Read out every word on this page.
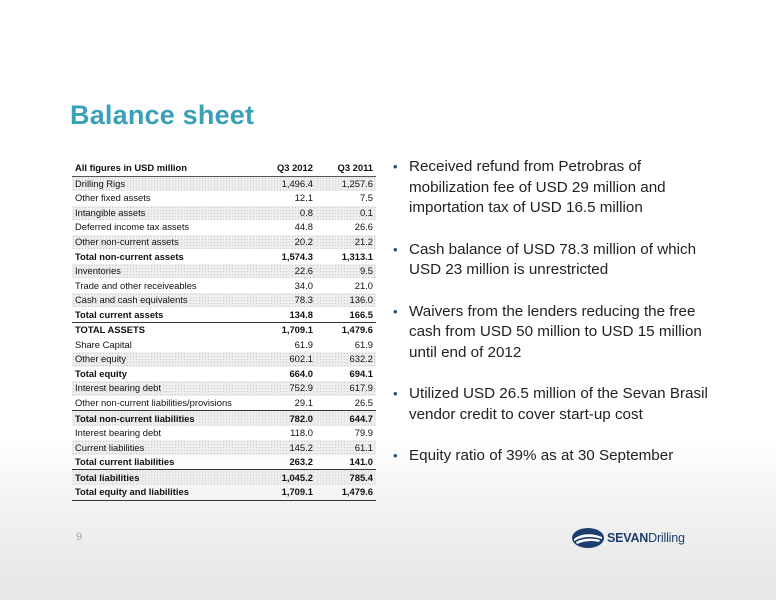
Balance sheet
All figures in USD million	Q3 2012	Q3 2011
Drilling Rigs	1,496.4	1,257.6
Other fixed assets	12.1	7.5
Intangible assets	0.8	0.1
Deferred income tax assets	44.8	26.6
Other non-current assets	20.2	21.2
Total non-current assets	1,574.3	1,313.1
Inventories	22.6	9.5
Trade and other receiveables	34.0	21.0
Cash and cash equivalents	78.3	136.0
Total current assets	134.8	166.5
TOTAL ASSETS	1,709.1	1,479.6
Share Capital	61.9	61.9
Other equity	602.1	632.2
Total equity	664.0	694.1
Interest bearing debt	752.9	617.9
Other non-current liabilities/provisions	29.1	26.5
Total non-current liabilities	782.0	644.7
Interest bearing debt	118.0	79.9
Current liabilities	145.2	61.1
Total current liabilities	263.2	141.0
Total liabilities	1,045.2	785.4
Total equity and liabilities	1,709.1	1,479.6
• Received refund from Petrobras of mobilization fee of USD 29 million and importation tax of USD 16.5 million
• Cash balance of USD 78.3 million of which USD 23 million is unrestricted
• Waivers from the lenders reducing the free cash from USD 50 million to USD 15 million until end of 2012
• Utilized USD 26.5 million of the Sevan Brasil vendor credit to cover start-up cost
• Equity ratio of 39% as at 30 September
9	SEVANDrilling
